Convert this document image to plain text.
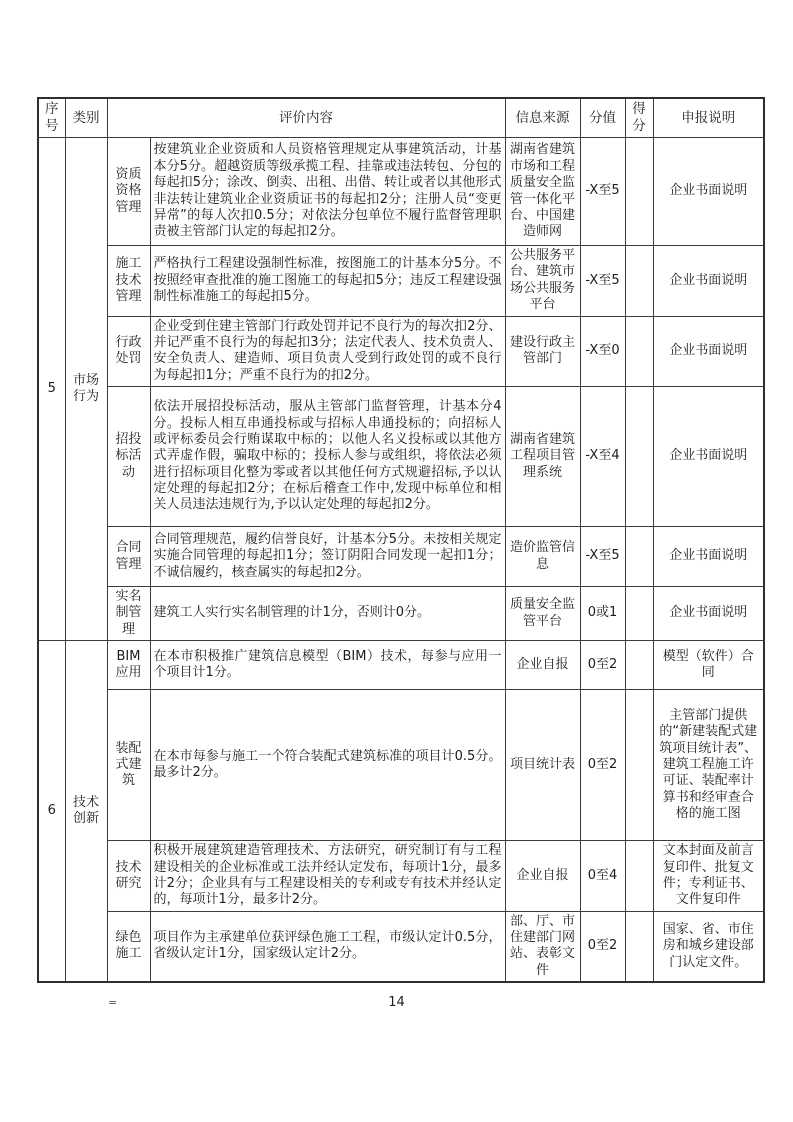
序号	类别	评价内容		信息来源	分值	得分	申报说明
5	市场行为	资质资格管理	按建筑业企业资质和人员资格管理规定从事建筑活动，计基本分5分。超越资质等级承揽工程、挂靠或违法转包、分包的每起扣5分；涂改、倒卖、出租、出借、转让或者以其他形式非法转让建筑业企业资质证书的每起扣2分；注册人员“变更异常”的每人次扣0.5分；对依法分包单位不履行监督管理职责被主管部门认定的每起扣2分。	湖南省建筑市场和工程质量安全监管一体化平台、中国建造师网	-X至5		企业书面说明
		施工技术管理	严格执行工程建设强制性标准，按图施工的计基本分5分。不按照经审查批准的施工图施工的每起扣5分；违反工程建设强制性标准施工的每起扣5分。	公共服务平台、建筑市场公共服务平台	-X至5		企业书面说明
		行政处罚	企业受到住建主管部门行政处罚并记不良行为的每次扣2分、并记严重不良行为的每起扣3分；法定代表人、技术负责人、安全负责人、建造师、项目负责人受到行政处罚的或不良行为每起扣1分；严重不良行为的扣2分。	建设行政主管部门	-X至0		企业书面说明
		招投标活动	依法开展招投标活动，服从主管部门监督管理，计基本分4分。投标人相互串通投标或与招标人串通投标的；向招标人或评标委员会行贿谋取中标的；以他人名义投标或以其他方式弄虚作假，骗取中标的；投标人参与或组织，将依法必须进行招标项目化整为零或者以其他任何方式规避招标,予以认定处理的每起扣2分；在标后稽查工作中,发现中标单位和相关人员违法违规行为,予以认定处理的每起扣2分。	湖南省建筑工程项目管理系统	-X至4		企业书面说明
		合同管理	合同管理规范，履约信誉良好，计基本分5分。未按相关规定实施合同管理的每起扣1分；签订阴阳合同发现一起扣1分；不诚信履约，核查属实的每起扣2分。	造价监管信息	-X至5		企业书面说明
		实名制管理	建筑工人实行实名制管理的计1分，否则计0分。	质量安全监管平台	0或1		企业书面说明
6	技术创新	BIM应用	在本市积极推广建筑信息模型（BIM）技术，每参与应用一个项目计1分。	企业自报	0至2		模型（软件）合同
		装配式建筑	在本市每参与施工一个符合装配式建筑标准的项目计0.5分。最多计2分。	项目统计表	0至2		主管部门提供的“新建装配式建筑项目统计表”、建筑工程施工许可证、装配率计算书和经审查合格的施工图
		技术研究	积极开展建筑建造管理技术、方法研究，研究制订有与工程建设相关的企业标准或工法并经认定发布，每项计1分，最多计2分；企业具有与工程建设相关的专利或专有技术并经认定的，每项计1分，最多计2分。	企业自报	0至4		文本封面及前言复印件、批复文件；专利证书、文件复印件
		绿色施工	项目作为主承建单位获评绿色施工工程，市级认定计0.5分，省级认定计1分，国家级认定计2分。	部、厅、市住建部门网站、表彰文件	0至2		国家、省、市住房和城乡建设部门认定文件。
=	14
